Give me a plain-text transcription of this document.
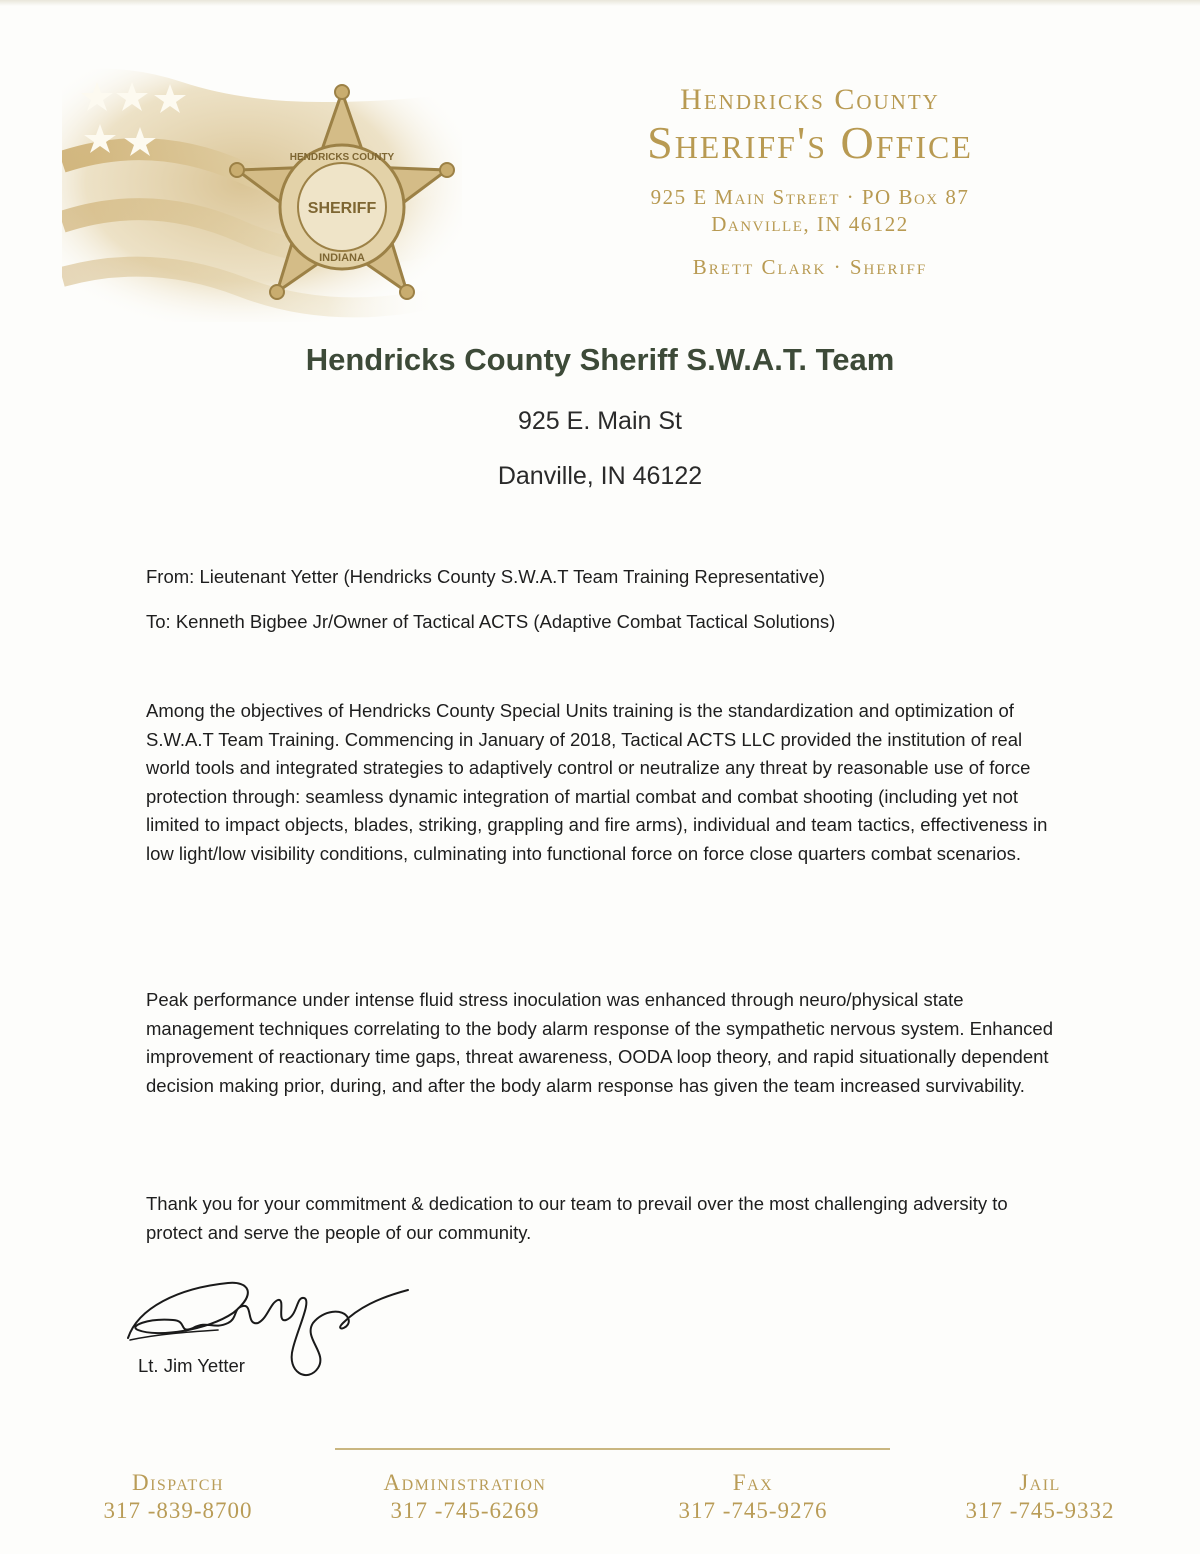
HENDRICKS COUNTY
SHERIFF
INDIANA
Hendricks County
Sheriff's Office
925 E Main Street · PO Box 87
Danville, IN 46122
Brett Clark · Sheriff
Hendricks County Sheriff S.W.A.T. Team
925 E. Main St
Danville, IN 46122
From: Lieutenant Yetter (Hendricks County S.W.A.T Team Training Representative)
To: Kenneth Bigbee Jr/Owner of Tactical ACTS (Adaptive Combat Tactical Solutions)

Among the objectives of Hendricks County Special Units training is the standardization and optimization of S.W.A.T Team Training. Commencing in January of 2018, Tactical ACTS LLC provided the institution of real world tools and integrated strategies to adaptively control or neutralize any threat by reasonable use of force protection through: seamless dynamic integration of martial combat and combat shooting (including yet not limited to impact objects, blades, striking, grappling and fire arms), individual and team tactics, effectiveness in low light/low visibility conditions, culminating into functional force on force close quarters combat scenarios.

Peak performance under intense fluid stress inoculation was enhanced through neuro/physical state management techniques correlating to the body alarm response of the sympathetic nervous system. Enhanced improvement of reactionary time gaps, threat awareness, OODA loop theory, and rapid situationally dependent decision making prior, during, and after the body alarm response has given the team increased survivability.

Thank you for your commitment & dedication to our team to prevail over the most challenging adversity to protect and serve the people of our community.

Lt. Jim Yetter
Dispatch
317 -839-8700
Administration
317 -745-6269
Fax
317 -745-9276
Jail
317 -745-9332
